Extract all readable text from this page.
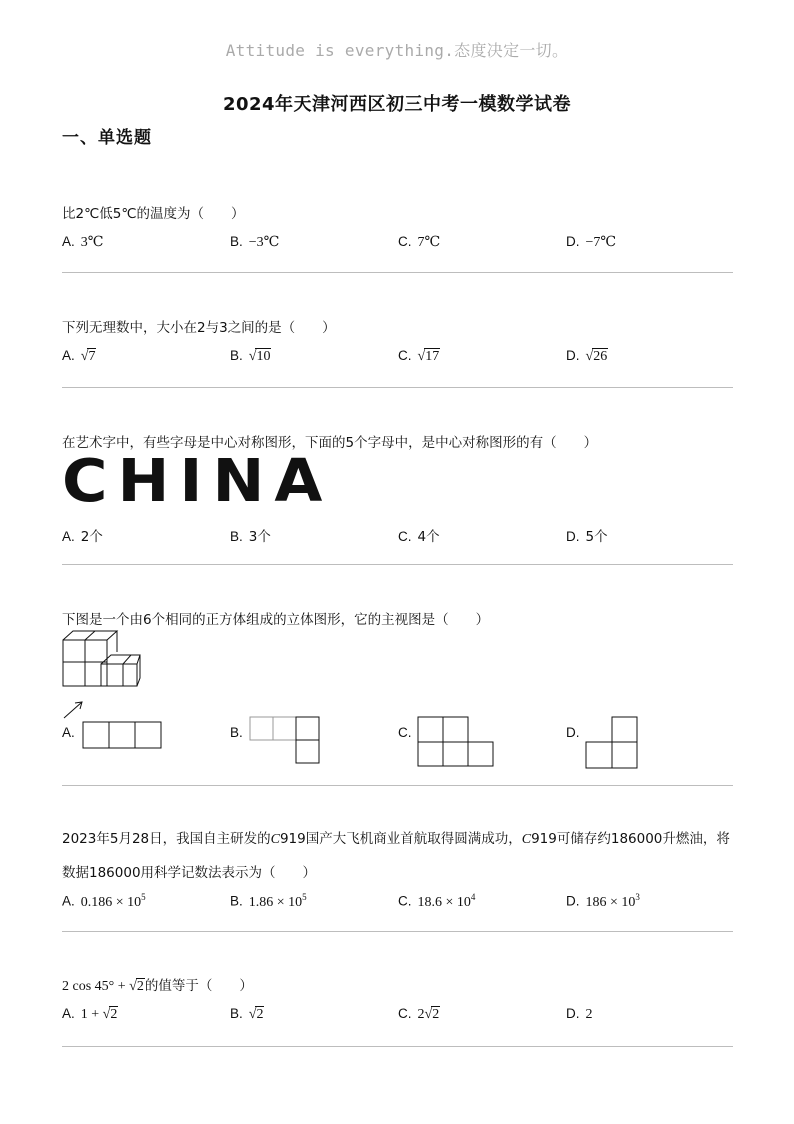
Attitude is everything.态度决定一切。
2024年天津河西区初三中考一模数学试卷
一、单选题
比2℃低5℃的温度为（　　）
A. 3℃	B. −3℃	C. 7℃	D. −7℃
下列无理数中，大小在2与3之间的是（　　）
A. √7	B. √10	C. √17	D. √26
在艺术字中，有些字母是中心对称图形，下面的5个字母中，是中心对称图形的有（　　）
CHINA
A. 2个	B. 3个	C. 4个	D. 5个
下图是一个由6个相同的正方体组成的立体图形，它的主视图是（　　）
A.	B.	C.	D.
2023年5月28日，我国自主研发的C919国产大飞机商业首航取得圆满成功，C919可储存约186000升燃油，将
数据186000用科学记数法表示为（　　）
A. $0.186 \times 10^5$	B. $1.86 \times 10^5$	C. $18.6 \times 10^4$	D. $186 \times 10^3$
2 cos 45° + √2的值等于（　　）
A. 1 + √2	B. √2	C. 2√2	D. 2
